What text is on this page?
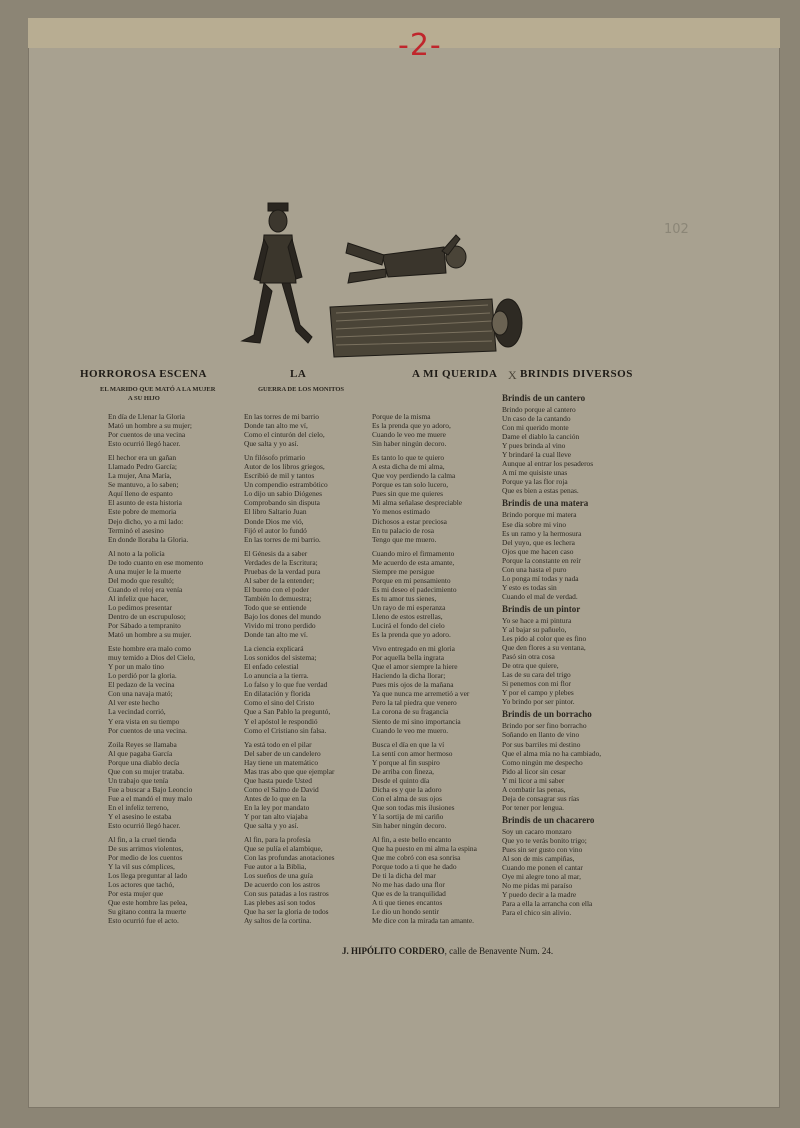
-2-
102
HORROROSA ESCENA
EL MARIDO QUE MATÓ A LA MUJER
A SU HIJO
LA
GUERRA DE LOS MONITOS
A MI QUERIDA X BRINDIS DIVERSOS

En día de Llenar la Gloria

Mató un hombre a su mujer;

Por cuentos de una vecina

Esto ocurrió llegó hacer.

El hechor era un gañan

Llamado Pedro García;

La mujer, Ana María,

Se mantuvo, a lo saben;

Aquí lleno de espanto

El asunto de esta historia

Este pobre de memoria

Dejo dicho, yo a mi lado:

Terminó el asesino

En donde lloraba la Gloria.

Al noto a la policía

De todo cuanto en ese momento

A una mujer le la muerte

Del modo que resultó;

Cuando el reloj era venía

Al infeliz que hacer,

Lo pedimos presentar

Dentro de un escrupuloso;

Por Sábado a tempranito

Mató un hombre a su mujer.

Este hombre era malo como

muy temido a Dios del Cielo,

Y por un malo tino

Lo perdió por la gloria.

El pedazo de la vecina

Con una navaja mató;

Al ver este hecho

La vecindad corrió,

Y era vista en su tiempo

Por cuentos de una vecina.

Zoila Reyes se llamaba

Al que pagaba García

Porque una diablo decía

Que con su mujer trataba.

Un trabajo que tenía

Fue a buscar a Bajo Leoncio

Fue a el mandó el muy malo

En el infeliz terreno,

Y el asesino le estaba

Esto ocurrió llegó hacer.

Al fin, a la cruel tienda

De sus arrimos violentos,

Por medio de los cuentos

Y la vil sus cómplices,

Los llega preguntar al lado

Los actores que tachó,

Por esta mujer que

Que este hombre las pelea,

Su gitano contra la muerte

Esto ocurrió fue el acto.

En las torres de mi barrio

Donde tan alto me ví,

Como el cinturón del cielo,

Que salta y yo así.

Un filósofo primario

Autor de los libros griegos,

Escribió de mil y tantos

Un compendio estrambótico

Lo dijo un sabio Diógenes

Comprobando sin disputa

El libro Saltario Juan

Donde Dios me vió,

Fijó el autor lo fundó

En las torres de mi barrio.

El Génesis da a saber

Verdades de la Escritura;

Pruebas de la verdad pura

Al saber de la entender;

El bueno con el poder

También lo demuestra;

Todo que se entiende

Bajo los dones del mundo

Vivido mi trono perdido

Donde tan alto me ví.

La ciencia explicará

Los sonidos del sistema;

El enfado celestial

Lo anuncia a la tierra.

Lo falso y lo que fue verdad

En dilatación y florida

Como el sino del Cristo

Que a San Pablo la preguntó,

Y el apóstol le respondió

Como el Cristiano sin falsa.

Ya está todo en el pilar

Del saber de un candelero

Hay tiene un matemático

Mas tras abo que que ejemplar

Que hasta puede Usted

Como el Salmo de David

Antes de lo que en la

En la ley por mandato

Y por tan alto viajaba

Que salta y yo así.

Al fin, para la profesía

Que se pulía el alambique,

Con las profundas anotaciones

Fue autor a la Biblia,

Los sueños de una guía

De acuerdo con los astros

Con sus patadas a los rastros

Las plebes así son todos

Que ha ser la gloria de todos

Ay saltos de la cortina.

Porque de la misma

Es la prenda que yo adoro,

Cuando le veo me muere

Sin haber ningún decoro.

Es tanto lo que te quiero

A esta dicha de mi alma,

Que voy perdiendo la calma

Porque es tan solo lucero,

Pues sin que me quieres

Mi alma señalase despreciable

Yo menos estimado

Dichosos a estar preciosa

En tu palacio de rosa

Tengo que me muero.

Cuando miro el firmamento

Me acuerdo de esta amante,

Siempre me persigue

Porque en mi pensamiento

Es mi deseo el padecimiento

Es tu amor tus sienes,

Un rayo de mi esperanza

Lleno de estos estrellas,

Lucirá el fondo del cielo

Es la prenda que yo adoro.

Vivo entregado en mi gloria

Por aquella bella ingrata

Que el amor siempre la hiere

Haciendo la dicha llorar;

Pues mis ojos de la mañana

Ya que nunca me arremetió a ver

Pero la tal piedra que venero

La corona de su fragancia

Siento de mi sino importancia

Cuando le veo me muero.

Busca el día en que la ví

La sentí con amor hermoso

Y porque al fin suspiro

De arriba con fineza,

Desde el quinto día

Dicha es y que la adoro

Con el alma de sus ojos

Que son todas mis ilusiones

Y la sortija de mi cariño

Sin haber ningún decoro.

Al fin, a este bello encanto

Que ha puesto en mi alma la espina

Que me cobró con esa sonrisa

Porque todo a ti que he dado

De ti la dicha del mar

No me has dado una flor

Que es de la tranquilidad

A ti que tienes encantos

Le dio un hondo sentir

Me dice con la mirada tan amante.

Brindis de un cantero

Brindo porque al cantero

Un caso de la cantando

Con mi querido monte

Dame el diablo la canción

Y pues brinda al vino

Y brindaré la cual lleve

Aunque al entrar los pesaderos

A mí me quisiste unas

Porque ya las flor roja

Que es bien a estas penas.

Brindis de una matera

Brindo porque mi matera

Ese día sobre mi vino

Es un ramo y la hermosura

Del yuyo, que es lechera

Ojos que me hacen caso

Porque la constante en reír

Con una hasta el puro

Lo ponga mí todas y nada

Y esto es todas sin

Cuando el mal de verdad.

Brindis de un pintor

Yo se hace a mi pintura

Y al bajar su pañuelo,

Les pido al color que es fino

Que den flores a su ventana,

Pasó sin otra cosa

De otra que quiere,

Las de su cara del trigo

Si penemos con mi flor

Y por el campo y plebes

Yo brindo por ser pintor.

Brindis de un borracho

Brindo por ser fino borracho

Soñando en llanto de vino

Por sus barriles mi destino

Que el alma mía no ha cambiado,

Como ningún me despecho

Pido al licor sin cesar

Y mi licor a mi saber

A combatir las penas,

Deja de consagrar sus rías

Por tener por lengua.

Brindis de un chacarero

Soy un cacaro monzaro

Que yo te verás bonito trigo;

Pues sin ser gusto con vino

Al son de mis campiñas,

Cuando me ponen el cantar

Oye mi alegre tono al mar,

No me pidas mi paraíso

Y puedo decir a la madre

Para a ella la arrancha con ella

Para el chico sin alivio.

J. HIPÓLITO CORDERO, calle de Benavente Num. 24.
